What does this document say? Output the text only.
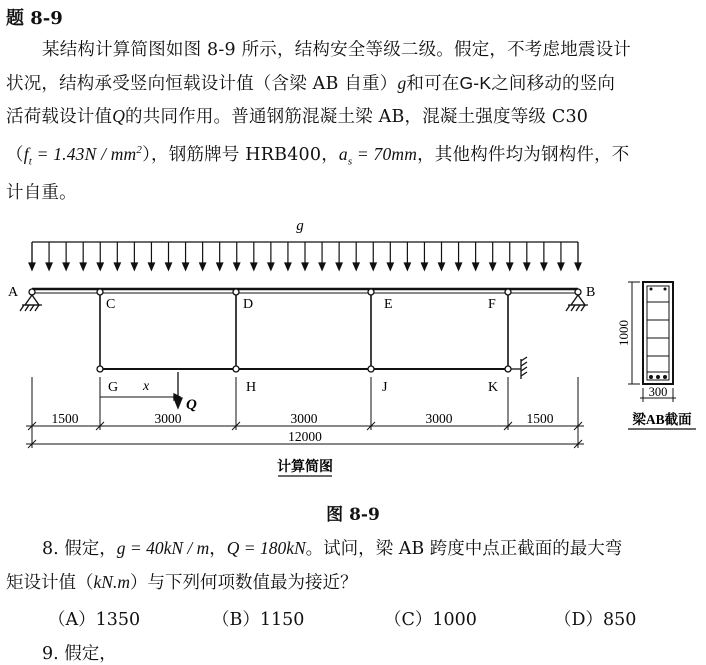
题 8-9

某结构计算简图如图 8-9 所示，结构安全等级二级。假定，不考虑地震设计

状况，结构承受竖向恒载设计值（含梁 AB 自重）g和可在G-K之间移动的竖向

活荷载设计值Q的共同作用。普通钢筋混凝土梁 AB，混凝土强度等级 C30

$(f_t = 1.43N / mm^2)$，钢筋牌号 HRB400，$a_s = 70mm$，其他构件均为钢构件，不

计自重。

g
x
Q
A	B
C	D	E	F
G	H	J	K
1500	3000	3000	3000	1500
12000
计算简图
1000
300
梁AB截面
图 8-9

8. 假定，g = 40kN / m，Q = 180kN。试问，梁 AB 跨度中点正截面的最大弯

矩设计值（kN.m）与下列何项数值最为接近？

（A）1350	（B）1150	（C）1000	（D）850
9. 假定，
